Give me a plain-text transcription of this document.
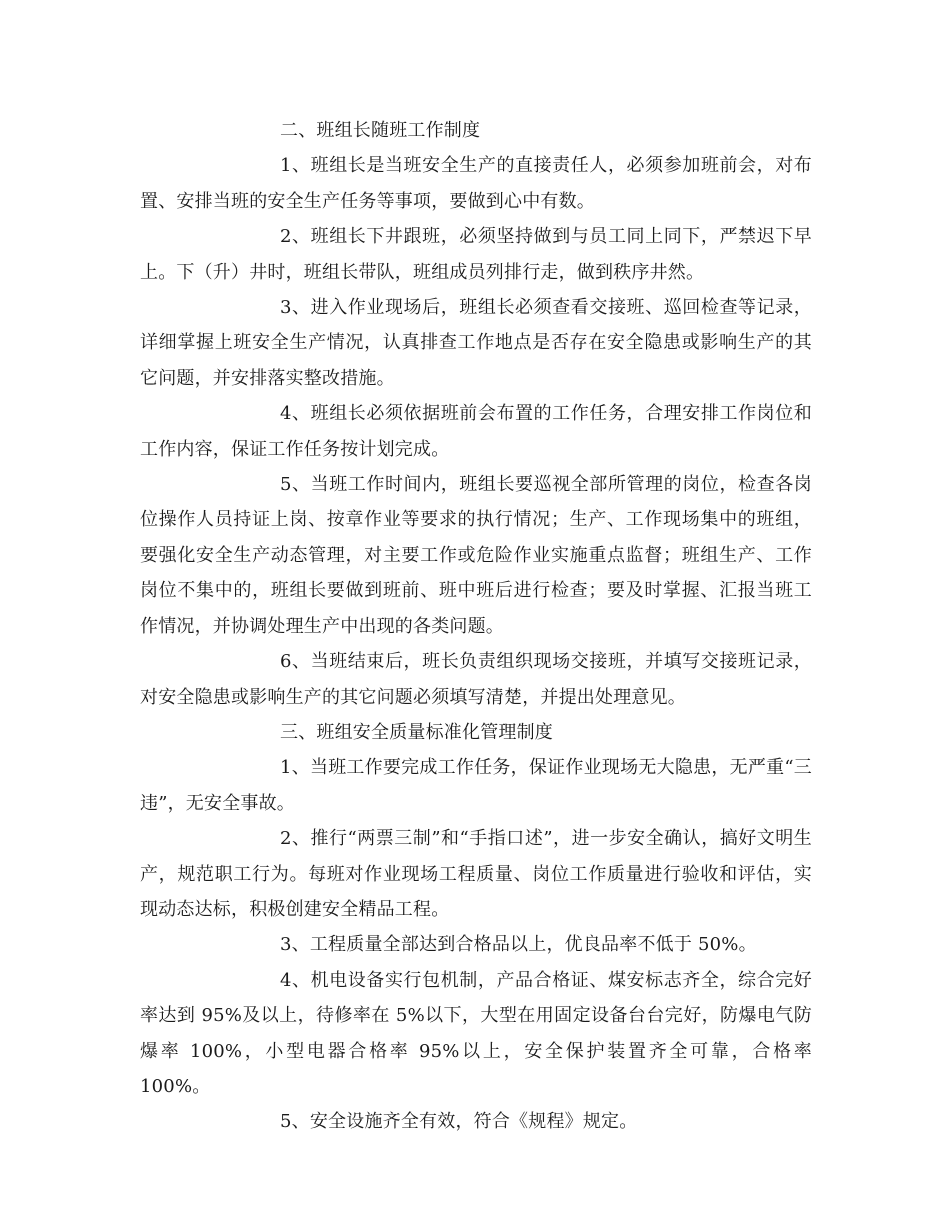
二、班组长随班工作制度

1、班组长是当班安全生产的直接责任人，必须参加班前会，对布置、安排当班的安全生产任务等事项，要做到心中有数。

2、班组长下井跟班，必须坚持做到与员工同上同下，严禁迟下早上。下（升）井时，班组长带队，班组成员列排行走，做到秩序井然。

3、进入作业现场后，班组长必须查看交接班、巡回检查等记录，详细掌握上班安全生产情况，认真排查工作地点是否存在安全隐患或影响生产的其它问题，并安排落实整改措施。

4、班组长必须依据班前会布置的工作任务，合理安排工作岗位和工作内容，保证工作任务按计划完成。

5、当班工作时间内，班组长要巡视全部所管理的岗位，检查各岗位操作人员持证上岗、按章作业等要求的执行情况；生产、工作现场集中的班组，要强化安全生产动态管理，对主要工作或危险作业实施重点监督；班组生产、工作岗位不集中的，班组长要做到班前、班中班后进行检查；要及时掌握、汇报当班工作情况，并协调处理生产中出现的各类问题。

6、当班结束后，班长负责组织现场交接班，并填写交接班记录，对安全隐患或影响生产的其它问题必须填写清楚，并提出处理意见。

三、班组安全质量标准化管理制度

1、当班工作要完成工作任务，保证作业现场无大隐患，无严重“三违”，无安全事故。

2、推行“两票三制”和“手指口述”，进一步安全确认，搞好文明生产，规范职工行为。每班对作业现场工程质量、岗位工作质量进行验收和评估，实现动态达标，积极创建安全精品工程。

3、工程质量全部达到合格品以上，优良品率不低于 50%。

4、机电设备实行包机制，产品合格证、煤安标志齐全，综合完好率达到 95%及以上，待修率在 5%以下，大型在用固定设备台台完好，防爆电气防爆率 100%，小型电器合格率 95%以上，安全保护装置齐全可靠，合格率 100%。

5、安全设施齐全有效，符合《规程》规定。
